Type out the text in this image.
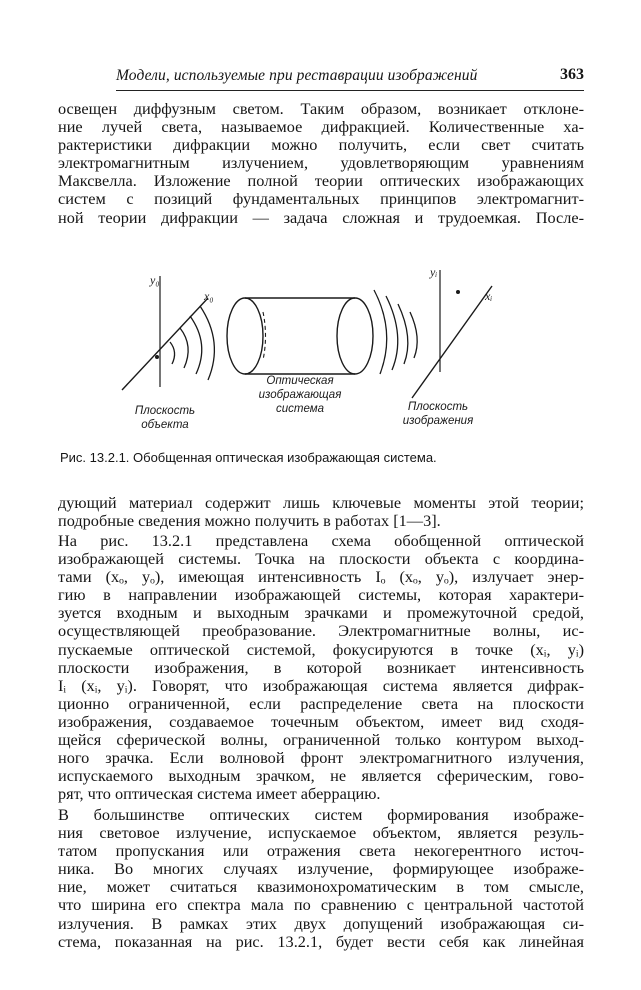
Модели, используемые при реставрации изображений	363
освещен диффузным светом. Таким образом, возникает отклоне-
ние лучей света, называемое дифракцией. Количественные ха-
рактеристики дифракции можно получить, если свет считать
электромагнитным излучением, удовлетворяющим уравнениям
Максвелла. Изложение полной теории оптических изображающих
систем с позиций фундаментальных принципов электромагнит-
ной теории дифракции — задача сложная и трудоемкая. После-
y₀
x₀
Оптическая
изображающая
система
yᵢ
xᵢ
Плоскость
объекта
Плоскость
изображения
Рис. 13.2.1. Обобщенная оптическая изображающая система.
дующий материал содержит лишь ключевые моменты этой теории;
подробные сведения можно получить в работах [1—3].
На рис. 13.2.1 представлена схема обобщенной оптической
изображающей системы. Точка на плоскости объекта с координа-
тами (xₒ, yₒ), имеющая интенсивность Iₒ (xₒ, yₒ), излучает энер-
гию в направлении изображающей системы, которая характери-
зуется входным и выходным зрачками и промежуточной средой,
осуществляющей преобразование. Электромагнитные волны, ис-
пускаемые оптической системой, фокусируются в точке (xᵢ, yᵢ)
плоскости изображения, в которой возникает интенсивность
Iᵢ (xᵢ, yᵢ). Говорят, что изображающая система является дифрак-
ционно ограниченной, если распределение света на плоскости
изображения, создаваемое точечным объектом, имеет вид сходя-
щейся сферической волны, ограниченной только контуром выход-
ного зрачка. Если волновой фронт электромагнитного излучения,
испускаемого выходным зрачком, не является сферическим, гово-
рят, что оптическая система имеет аберрацию.
В большинстве оптических систем формирования изображе-
ния световое излучение, испускаемое объектом, является резуль-
татом пропускания или отражения света некогерентного источ-
ника. Во многих случаях излучение, формирующее изображе-
ние, может считаться квазимонохроматическим в том смысле,
что ширина его спектра мала по сравнению с центральной частотой
излучения. В рамках этих двух допущений изображающая си-
стема, показанная на рис. 13.2.1, будет вести себя как линейная
